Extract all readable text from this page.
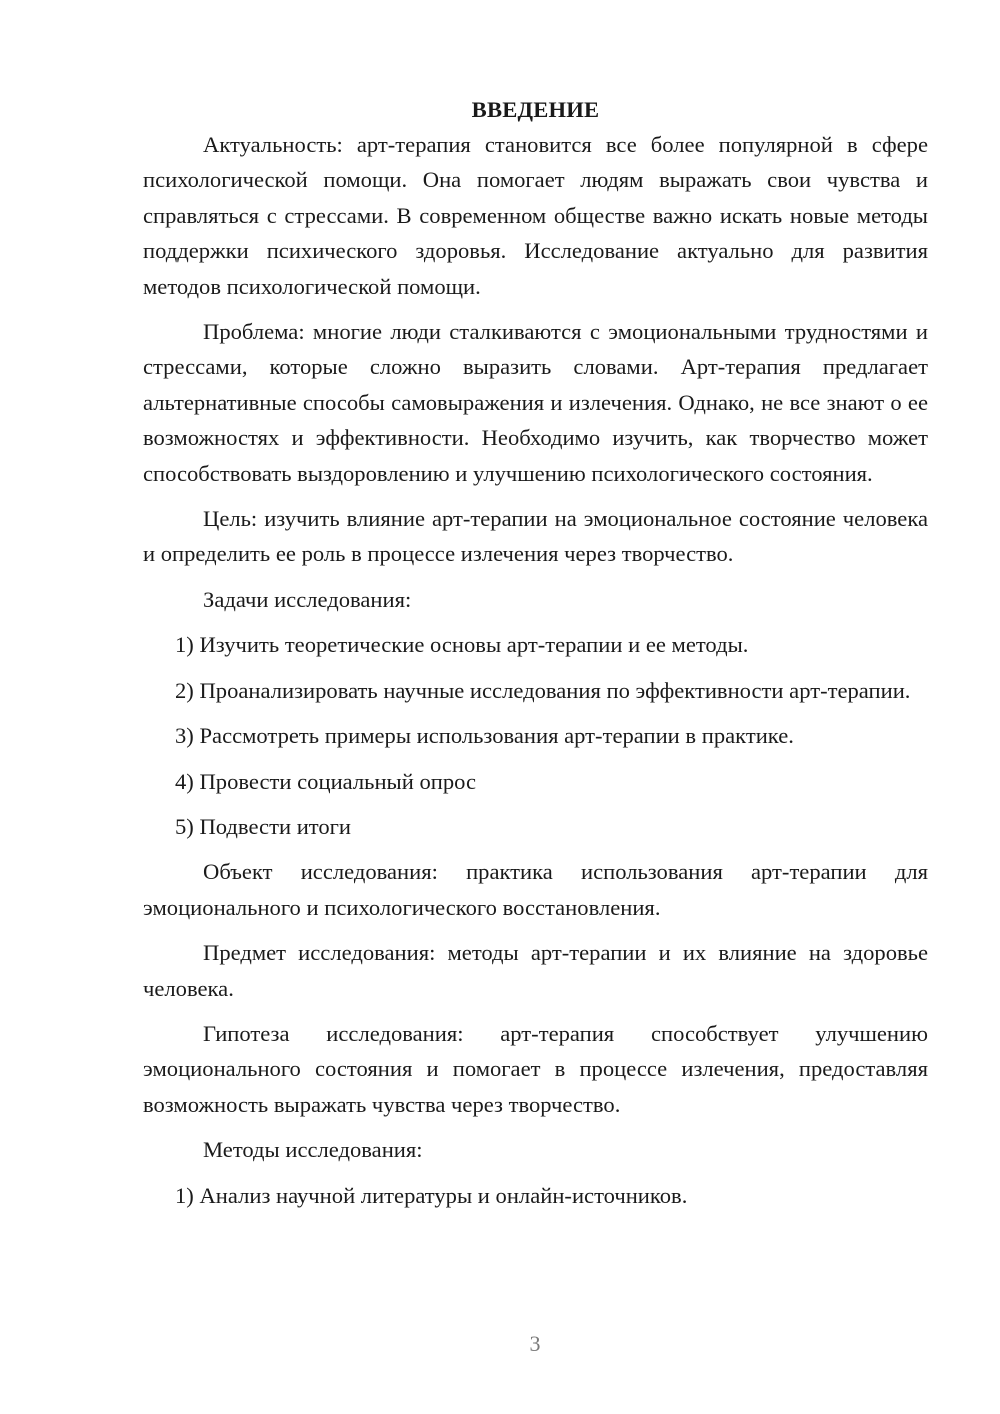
ВВЕДЕНИЕ

Актуальность: арт-терапия становится все более популярной в сфере психологической помощи. Она помогает людям выражать свои чувства и справляться с стрессами. В современном обществе важно искать новые методы поддержки психического здоровья. Исследование актуально для развития методов психологической помощи.

Проблема: многие люди сталкиваются с эмоциональными трудностями и стрессами, которые сложно выразить словами. Арт-терапия предлагает альтернативные способы самовыражения и излечения. Однако, не все знают о ее возможностях и эффективности. Необходимо изучить, как творчество может способствовать выздоровлению и улучшению психологического состояния.

Цель: изучить влияние арт-терапии на эмоциональное состояние человека и определить ее роль в процессе излечения через творчество.

Задачи исследования:

1) Изучить теоретические основы арт-терапии и ее методы.

2) Проанализировать научные исследования по эффективности арт-терапии.

3) Рассмотреть примеры использования арт-терапии в практике.

4) Провести социальный опрос

5) Подвести итоги

Объект исследования: практика использования арт-терапии для эмоционального и психологического восстановления.

Предмет исследования: методы арт-терапии и их влияние на здоровье человека.

Гипотеза исследования: арт-терапия способствует улучшению эмоционального состояния и помогает в процессе излечения, предоставляя возможность выражать чувства через творчество.

Методы исследования:

1) Анализ научной литературы и онлайн-источников.

3
